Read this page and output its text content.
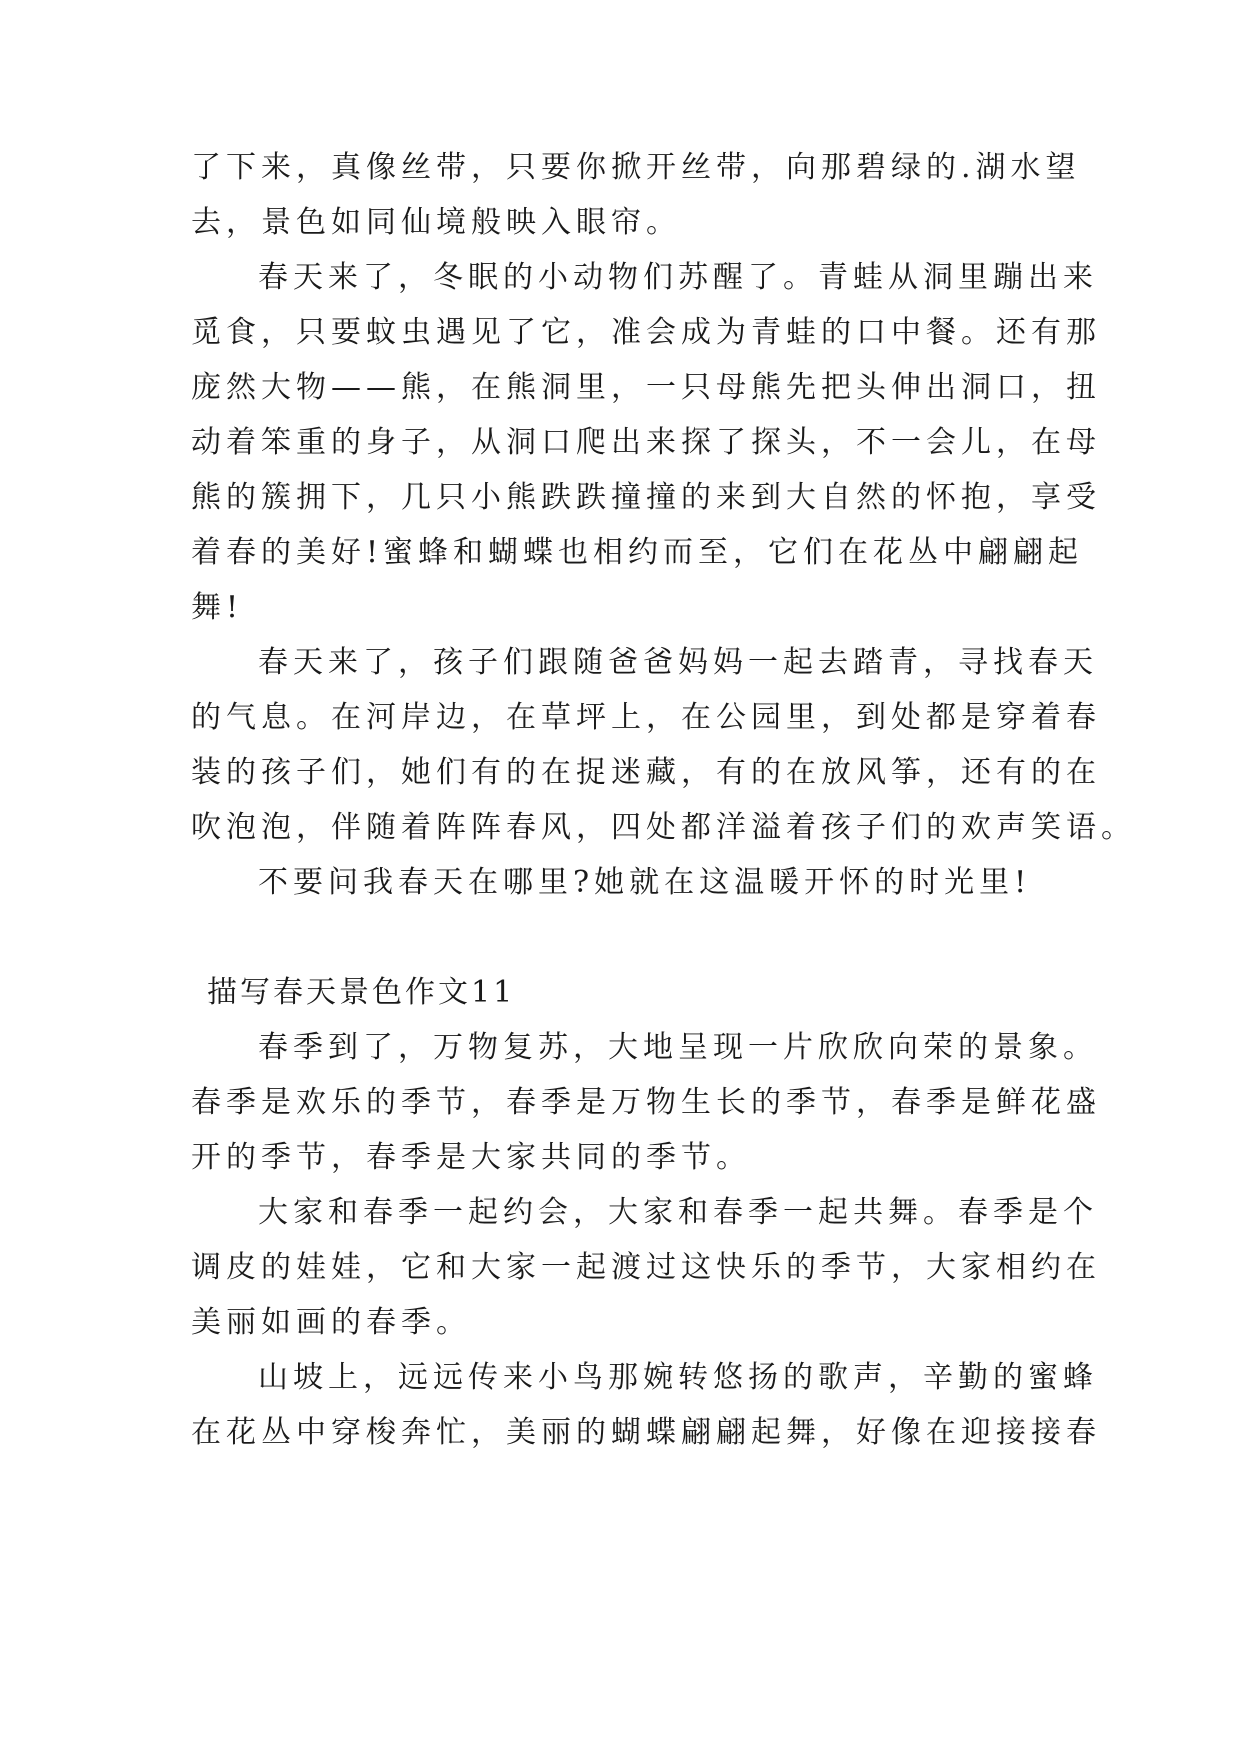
了下来，真像丝带，只要你掀开丝带，向那碧绿的.湖水望
去，景色如同仙境般映入眼帘。
春天来了，冬眠的小动物们苏醒了。青蛙从洞里蹦出来
觅食，只要蚊虫遇见了它，准会成为青蛙的口中餐。还有那
庞然大物——熊，在熊洞里，一只母熊先把头伸出洞口，扭
动着笨重的身子，从洞口爬出来探了探头，不一会儿，在母
熊的簇拥下，几只小熊跌跌撞撞的来到大自然的怀抱，享受
着春的美好!蜜蜂和蝴蝶也相约而至，它们在花丛中翩翩起
舞!
春天来了，孩子们跟随爸爸妈妈一起去踏青，寻找春天
的气息。在河岸边，在草坪上，在公园里，到处都是穿着春
装的孩子们，她们有的在捉迷藏，有的在放风筝，还有的在
吹泡泡，伴随着阵阵春风，四处都洋溢着孩子们的欢声笑语。
不要问我春天在哪里?她就在这温暖开怀的时光里!
描写春天景色作文11
春季到了，万物复苏，大地呈现一片欣欣向荣的景象。
春季是欢乐的季节，春季是万物生长的季节，春季是鲜花盛
开的季节，春季是大家共同的季节。
大家和春季一起约会，大家和春季一起共舞。春季是个
调皮的娃娃，它和大家一起渡过这快乐的季节，大家相约在
美丽如画的春季。
山坡上，远远传来小鸟那婉转悠扬的歌声，辛勤的蜜蜂
在花丛中穿梭奔忙，美丽的蝴蝶翩翩起舞，好像在迎接接春
